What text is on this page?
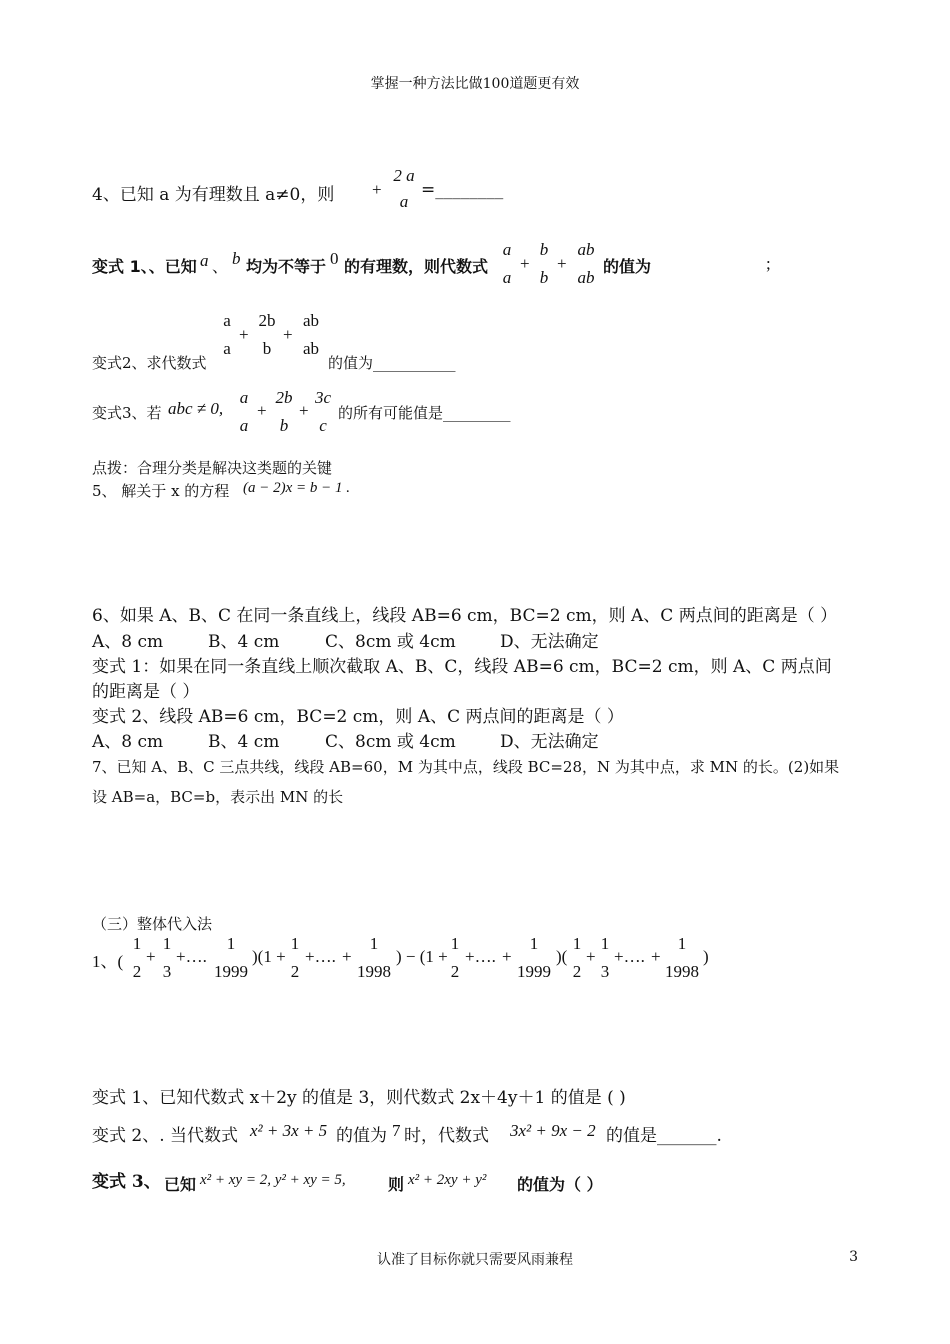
掌握一种方法比做100道题更有效
4、已知 a 为有理数且 a≠0，则 +
2 a
a
=________
变式 1、、已知 a 、 b 均为不等于 0 的有理数，则代数式
a
a
+
b
b
+
ab
ab
的值为	;
a
a
+
2b
b
+
ab
ab
变式2、求代数式	的值为___________
变式3、若 abc ≠ 0,
a
a
+
2b
b
+
3c
c
的所有可能值是_________
点拨：合理分类是解决这类题的关键
5、 解关于 x 的方程 (a − 2)x = b − 1 .
6、如果 A、B、C 在同一条直线上，线段 AB=6 cm，BC=2 cm，则 A、C 两点间的距离是（ ）
A、8 cm	B、4 cm	C、8cm 或 4cm	D、无法确定
变式 1：如果在同一条直线上顺次截取 A、B、C，线段 AB=6 cm，BC=2 cm，则 A、C 两点间
的距离是（ ）
变式 2、线段 AB=6 cm，BC=2 cm，则 A、C 两点间的距离是（ ）
A、8 cm	B、4 cm	C、8cm 或 4cm	D、无法确定
7、已知 A、B、C 三点共线，线段 AB=60，M 为其中点，线段 BC=28，N 为其中点，求 MN 的长。(2)如果
设 AB=a，BC=b，表示出 MN 的长
（三）整体代入法
1、(
1
2
+
1
3
+….
1
1999
)(1 +
1
2
+…. +
1
1998
) − (1 +
1
2
+…. +
1
1999
)(
1
2
+
1
3
+…. +
1
1998
)
变式 1、已知代数式 x＋2y 的值是 3，则代数式 2x＋4y＋1 的值是 ( )
变式 2、. 当代数式 x² + 3x + 5 的值为 7 时，代数式 3x² + 9x − 2 的值是_______.
变式 3、 已知 x² + xy = 2, y² + xy = 5,	则 x² + 2xy + y² 的值为（ ）
认准了目标你就只需要风雨兼程	3
